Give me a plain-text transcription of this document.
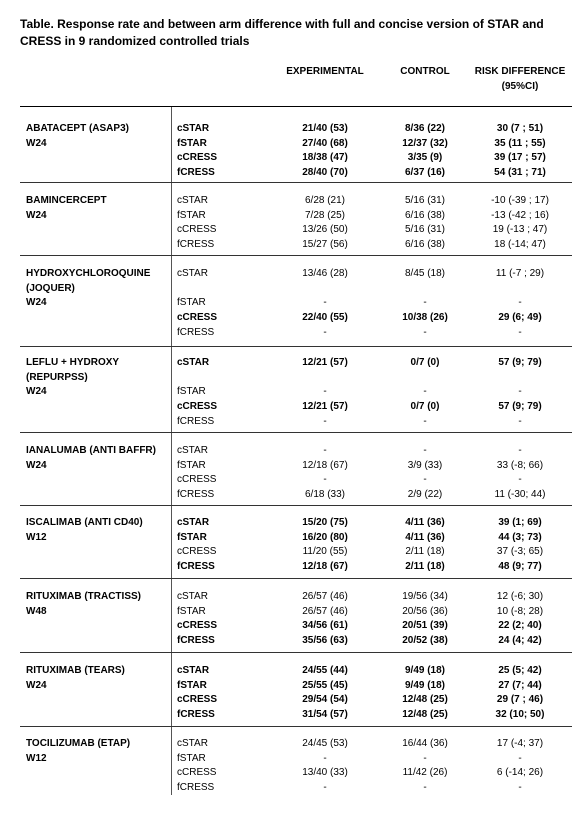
Table. Response rate and between arm difference with full and concise version of STAR and CRESS in 9 randomized controlled trials
EXPERIMENTAL	CONTROL	RISK DIFFERENCE (95%CI)
ABATACEPT (ASAP3)
W24
cSTAR	21/40 (53)	8/36 (22)	30 (7 ; 51)
fSTAR	27/40 (68)	12/37 (32)	35 (11 ; 55)
cCRESS	18/38 (47)	3/35 (9)	39 (17 ; 57)
fCRESS	28/40 (70)	6/37 (16)	54 (31 ; 71)
BAMINCERCEPT
W24
cSTAR	6/28 (21)	5/16 (31)	-10 (-39 ; 17)
fSTAR	7/28 (25)	6/16 (38)	-13 (-42 ; 16)
cCRESS	13/26 (50)	5/16 (31)	19 (-13 ; 47)
fCRESS	15/27 (56)	6/16 (38)	18 (-14; 47)
HYDROXYCHLOROQUINE
(JOQUER)
W24
cSTAR	13/46 (28)	8/45 (18)	11 (-7 ; 29)
fSTAR	-	-	-
cCRESS	22/40 (55)	10/38 (26)	29 (6; 49)
fCRESS	-	-	-
LEFLU + HYDROXY
(REPURPSS)
W24
cSTAR	12/21 (57)	0/7 (0)	57 (9; 79)
fSTAR	-	-	-
cCRESS	12/21 (57)	0/7 (0)	57 (9; 79)
fCRESS	-	-	-
IANALUMAB (ANTI BAFFR)
W24
cSTAR	-	-	-
fSTAR	12/18 (67)	3/9 (33)	33 (-8; 66)
cCRESS	-	-	-
fCRESS	6/18 (33)	2/9 (22)	11 (-30; 44)
ISCALIMAB (ANTI CD40)
W12
cSTAR	15/20 (75)	4/11 (36)	39 (1; 69)
fSTAR	16/20 (80)	4/11 (36)	44 (3; 73)
cCRESS	11/20 (55)	2/11 (18)	37 (-3; 65)
fCRESS	12/18 (67)	2/11 (18)	48 (9; 77)
RITUXIMAB (TRACTISS)
W48
cSTAR	26/57 (46)	19/56 (34)	12 (-6; 30)
fSTAR	26/57 (46)	20/56 (36)	10 (-8; 28)
cCRESS	34/56 (61)	20/51 (39)	22 (2; 40)
fCRESS	35/56 (63)	20/52 (38)	24 (4; 42)
RITUXIMAB (TEARS)
W24
cSTAR	24/55 (44)	9/49 (18)	25 (5; 42)
fSTAR	25/55 (45)	9/49 (18)	27 (7; 44)
cCRESS	29/54 (54)	12/48 (25)	29 (7 ; 46)
fCRESS	31/54 (57)	12/48 (25)	32 (10; 50)
TOCILIZUMAB (ETAP)
W12
cSTAR	24/45 (53)	16/44 (36)	17 (-4; 37)
fSTAR	-	-	-
cCRESS	13/40 (33)	11/42 (26)	6 (-14; 26)
fCRESS	-	-	-
